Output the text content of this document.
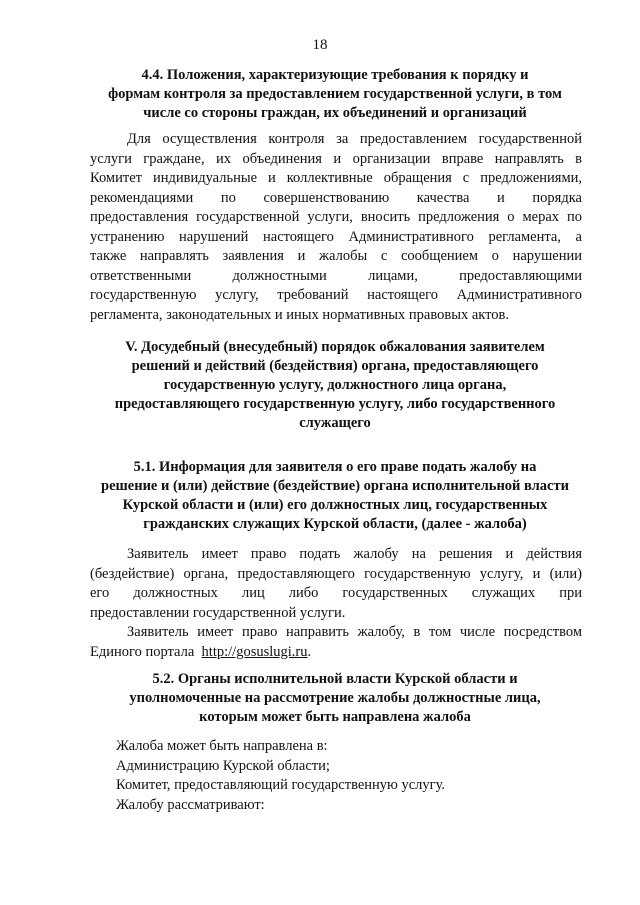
18
4.4. Положения, характеризующие требования к порядку и
формам контроля за предоставлением государственной услуги, в том
числе со стороны граждан, их объединений и организаций
Для осуществления контроля за предоставлением государственной
услуги граждане, их объединения и организации вправе направлять в
Комитет индивидуальные и коллективные обращения с предложениями,
рекомендациями по совершенствованию качества и порядка
предоставления государственной услуги, вносить предложения о мерах по
устранению нарушений настоящего Административного регламента, а
также направлять заявления и жалобы с сообщением о нарушении
ответственными должностными лицами, предоставляющими
государственную услугу, требований настоящего Административного
регламента, законодательных и иных нормативных правовых актов.
V. Досудебный (внесудебный) порядок обжалования заявителем
решений и действий (бездействия) органа, предоставляющего
государственную услугу, должностного лица органа,
предоставляющего государственную услугу, либо государственного
служащего
5.1. Информация для заявителя о его праве подать жалобу на
решение и (или) действие (бездействие) органа исполнительной власти
Курской области и (или) его должностных лиц, государственных
гражданских служащих Курской области, (далее - жалоба)
Заявитель имеет право подать жалобу на решения и действия
(бездействие) органа, предоставляющего государственную услугу, и (или)
его должностных лиц либо государственных служащих при
предоставлении государственной услуги.
Заявитель имеет право направить жалобу, в том числе посредством
Единого портала http://gosuslugi.ru.
5.2. Органы исполнительной власти Курской области и
уполномоченные на рассмотрение жалобы должностные лица,
которым может быть направлена жалоба
Жалоба может быть направлена в:
Администрацию Курской области;
Комитет, предоставляющий государственную услугу.
Жалобу рассматривают:
